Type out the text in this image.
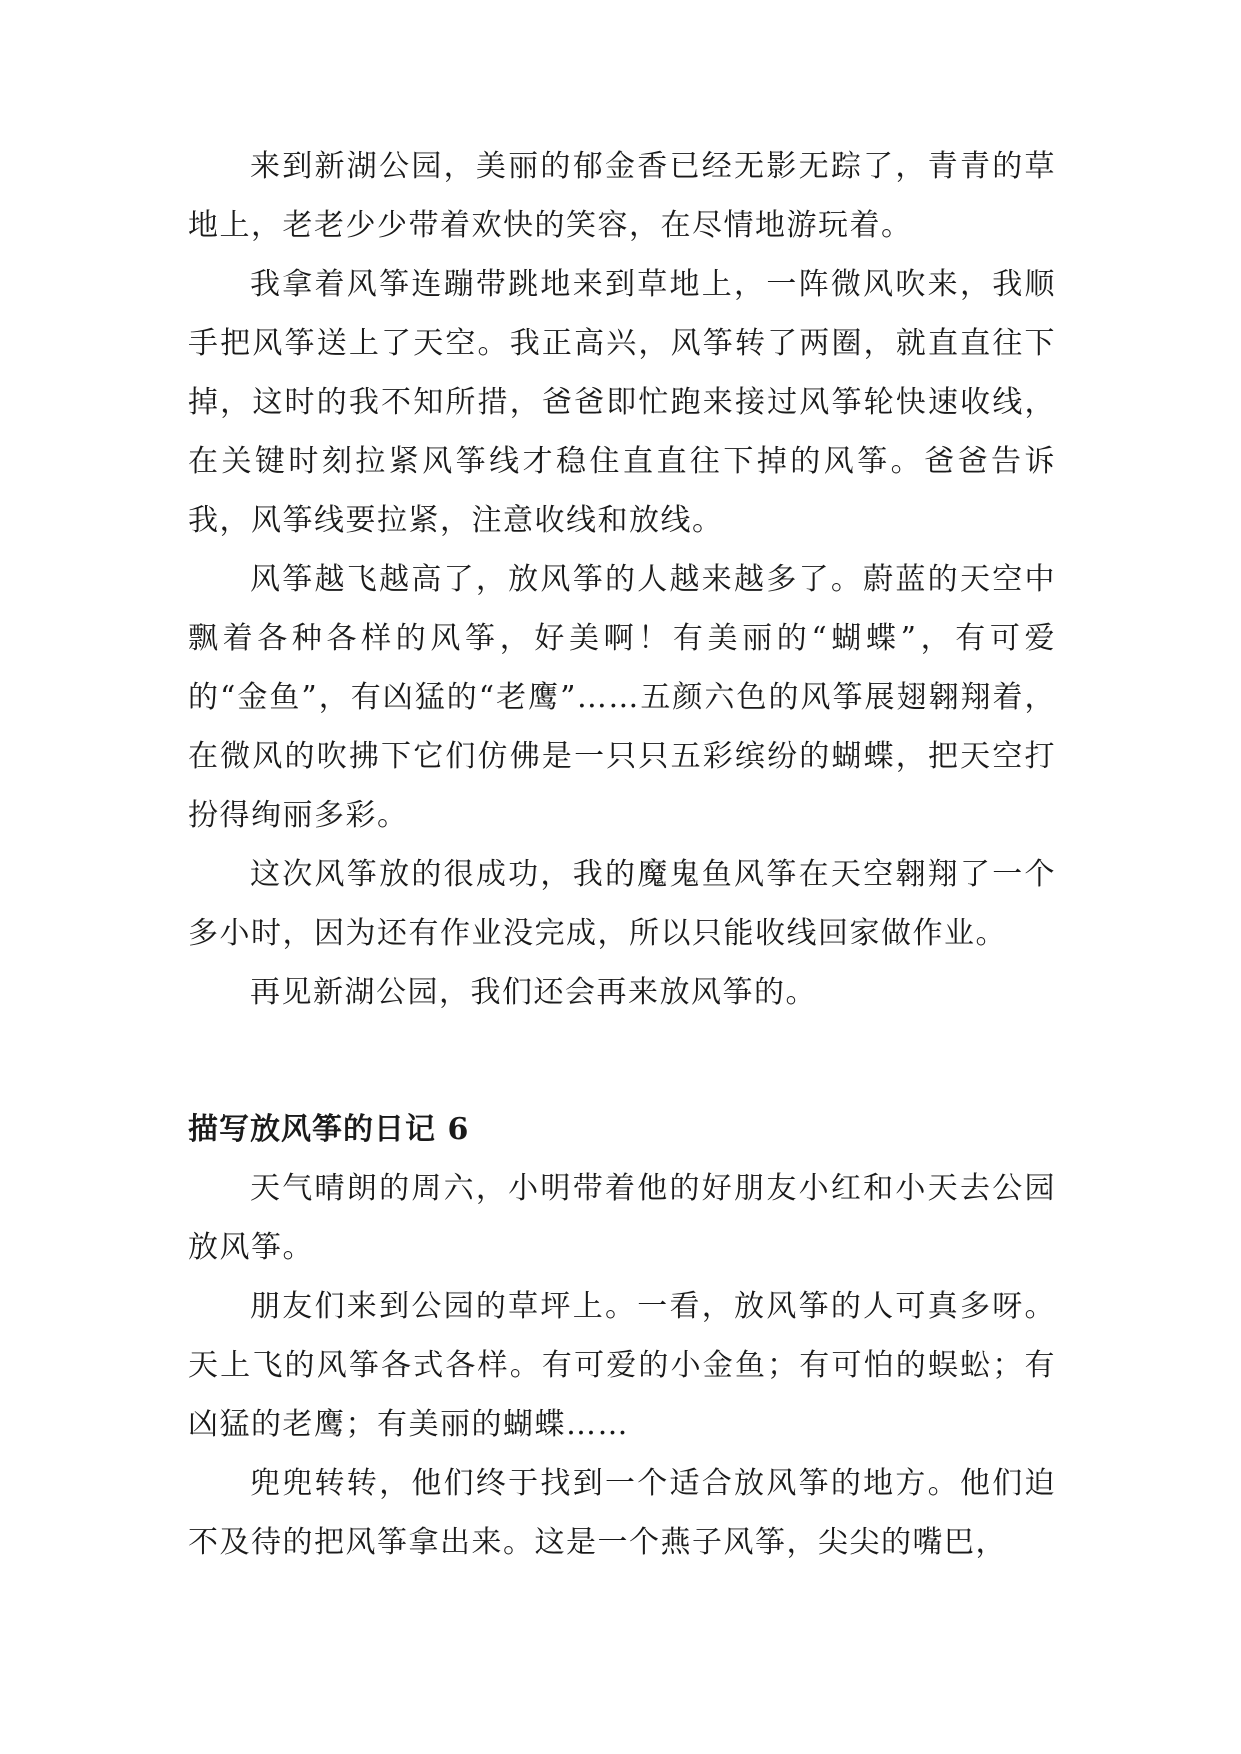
来到新湖公园，美丽的郁金香已经无影无踪了，青青的草地上，老老少少带着欢快的笑容，在尽情地游玩着。

我拿着风筝连蹦带跳地来到草地上，一阵微风吹来，我顺手把风筝送上了天空。我正高兴，风筝转了两圈，就直直往下掉，这时的我不知所措，爸爸即忙跑来接过风筝轮快速收线，在关键时刻拉紧风筝线才稳住直直往下掉的风筝。爸爸告诉我，风筝线要拉紧，注意收线和放线。

风筝越飞越高了，放风筝的人越来越多了。蔚蓝的天空中飘着各种各样的风筝，好美啊！有美丽的“蝴蝶”，有可爱的“金鱼”，有凶猛的“老鹰”……五颜六色的风筝展翅翱翔着，在微风的吹拂下它们仿佛是一只只五彩缤纷的蝴蝶，把天空打扮得绚丽多彩。

这次风筝放的很成功，我的魔鬼鱼风筝在天空翱翔了一个多小时，因为还有作业没完成，所以只能收线回家做作业。

再见新湖公园，我们还会再来放风筝的。

描写放风筝的日记 6

天气晴朗的周六，小明带着他的好朋友小红和小天去公园放风筝。

朋友们来到公园的草坪上。一看，放风筝的人可真多呀。天上飞的风筝各式各样。有可爱的小金鱼；有可怕的蜈蚣；有凶猛的老鹰；有美丽的蝴蝶……

兜兜转转，他们终于找到一个适合放风筝的地方。他们迫不及待的把风筝拿出来。这是一个燕子风筝，尖尖的嘴巴，
